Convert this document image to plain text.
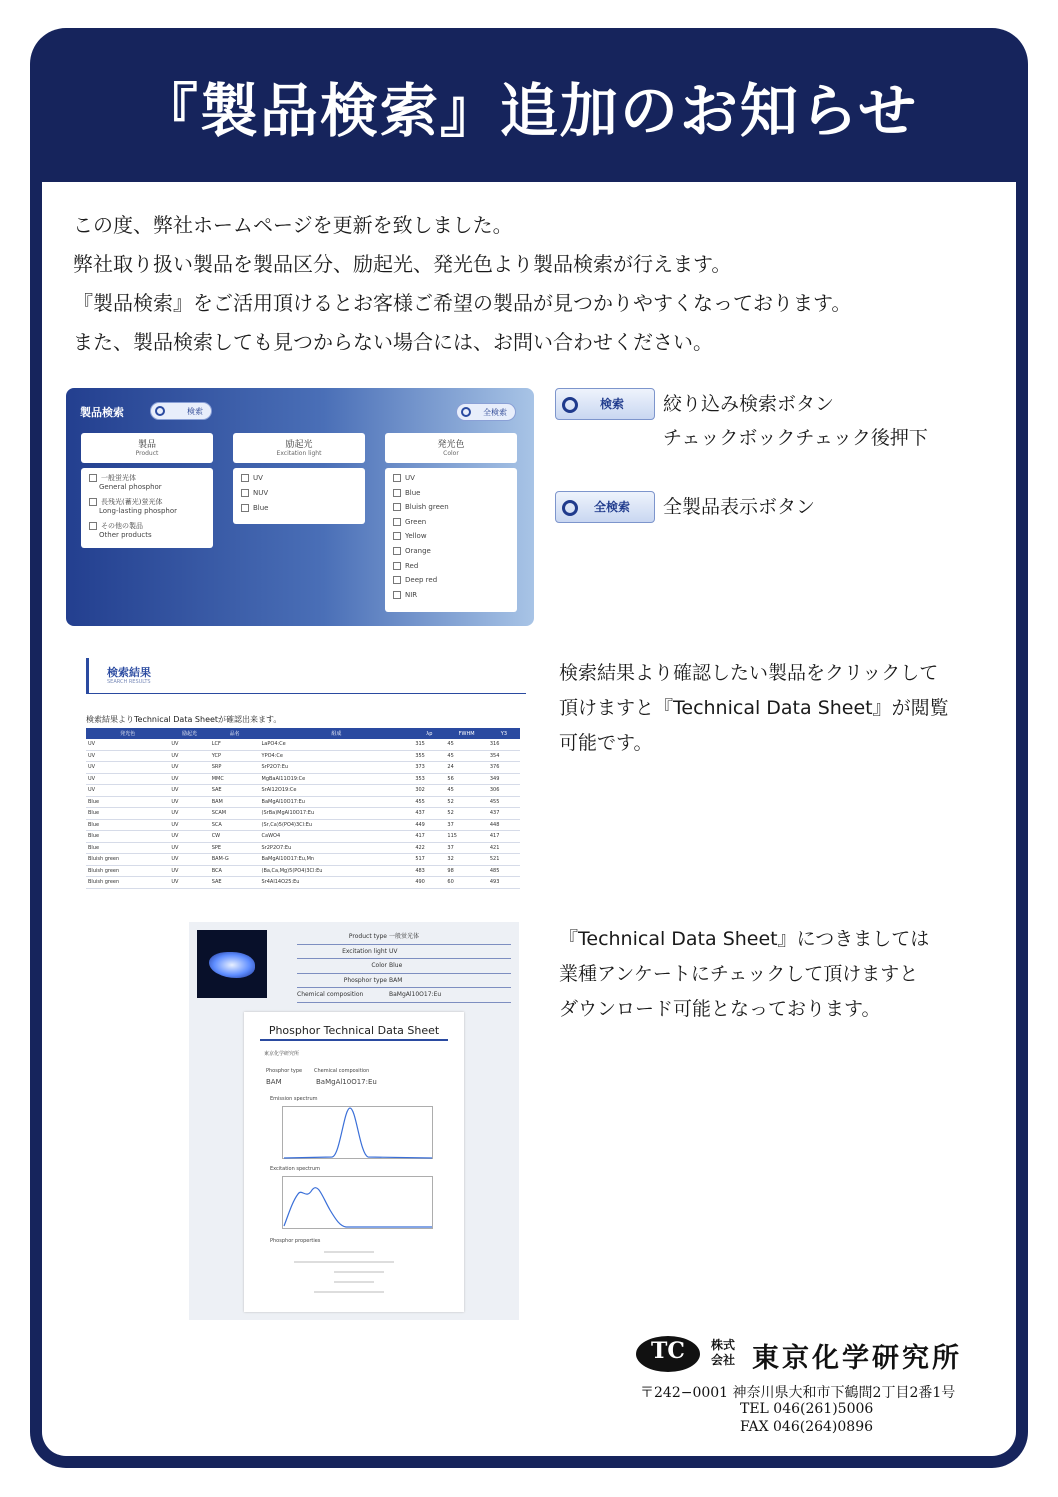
『製品検索』追加のお知らせ
この度、弊社ホームページを更新を致しました。
弊社取り扱い製品を製品区分、励起光、発光色より製品検索が行えます。
『製品検索』をご活用頂けるとお客様ご希望の製品が見つかりやすくなっております。
また、製品検索しても見つからない場合には、お問い合わせください。
製品検索	検索	全検索
製品
Product
励起光
Excitation light
発光色
Color
一般蛍光体
General phosphor
長残光(蓄光)蛍光体
Long-lasting phosphor
その他の製品
Other products
UV
NUV
Blue
UV
Blue
Bluish green
Green
Yellow
Orange
Red
Deep red
NIR
検索	絞り込み検索ボタン
チェックボックチェック後押下
全検索	全製品表示ボタン
検索結果
SEARCH RESULTS
検索結果よりTechnical Data Sheetが確認出来ます。
発光色	励起光	品名	組成	λp	FWHM	Y3
UV	UV	LCF	LaPO4:Ce	315	45	316
UV	UV	YCP	YPO4:Ce	355	45	354
UV	UV	SRP	SrP2O7:Eu	373	24	376
UV	UV	MMC	MgBaAl11O19:Ce	353	56	349
UV	UV	SAE	SrAl12O19:Ce	302	45	306
Blue	UV	BAM	BaMgAl10O17:Eu	455	52	455
Blue	UV	SCAM	(SrBa)MgAl10O17:Eu	437	52	437
Blue	UV	SCA	(Sr,Ca)5(PO4)3Cl:Eu	449	37	448
Blue	UV	CW	CaWO4	417	115	417
Blue	UV	SPE	Sr2P2O7:Eu	422	37	421
Bluish green	UV	BAM-G	BaMgAl10O17:Eu,Mn	517	32	521
Bluish green	UV	BCA	(Ba,Ca,Mg)5(PO4)3Cl:Eu	483	98	485
Bluish green	UV	SAE	Sr4Al14O25:Eu	490	60	493
検索結果より確認したい製品をクリックして
頂けますと『Technical Data Sheet』が閲覧
可能です。
Product type 一般蛍光体
Excitation light UV
Color Blue
Phosphor type BAM
Chemical composition	BaMgAl10O17:Eu
Phosphor Technical Data Sheet
東京化学研究所
Phosphor type Chemical composition
BAM	BaMgAl10O17:Eu
Emission spectrum
Excitation spectrum
Phosphor properties
『Technical Data Sheet』につきましては
業種アンケートにチェックして頂けますと
ダウンロード可能となっております。
TC	株式
会社 東京化学研究所
〒242−0001 神奈川県大和市下鶴間2丁目2番1号
TEL 046(261)5006
FAX 046(264)0896
